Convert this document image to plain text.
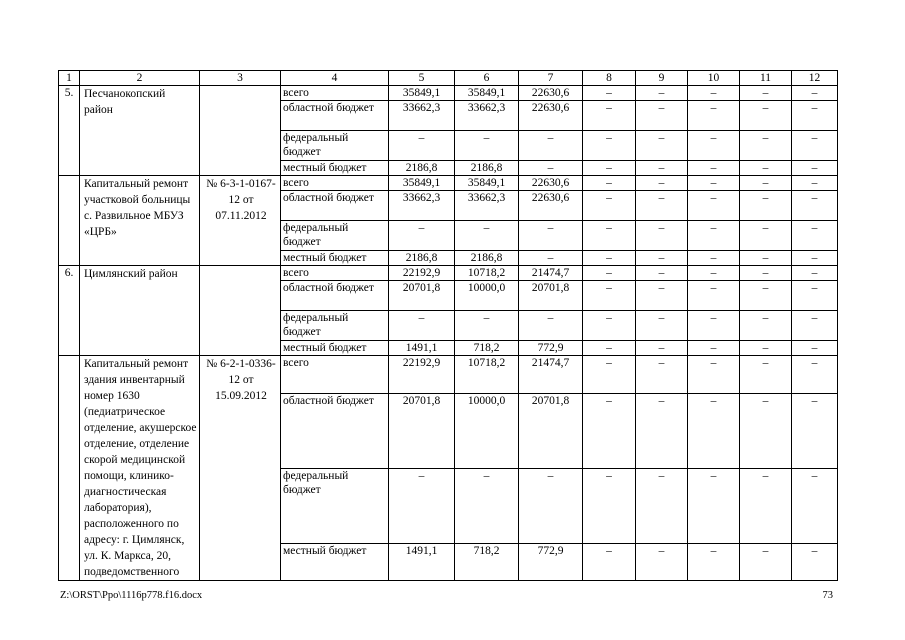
1	2	3	4	5	6	7	8	9	10	11	12
5.	Песчанокопский район		всего	35849,1	35849,1	22630,6	–	–	–	–	–
			областной бюджет	33662,3	33662,3	22630,6	–	–	–	–	–
			федеральный бюджет	–	–	–	–	–	–	–	–
			местный бюджет	2186,8	2186,8	–	–	–	–	–	–
	Капитальный ремонт участковой больницы с. Развильное МБУЗ «ЦРБ»	№ 6-3-1-0167-12 от 07.11.2012	всего	35849,1	35849,1	22630,6	–	–	–	–	–
			областной бюджет	33662,3	33662,3	22630,6	–	–	–	–	–
			федеральный бюджет	–	–	–	–	–	–	–	–
			местный бюджет	2186,8	2186,8	–	–	–	–	–	–
6.	Цимлянский район		всего	22192,9	10718,2	21474,7	–	–	–	–	–
			областной бюджет	20701,8	10000,0	20701,8	–	–	–	–	–
			федеральный бюджет	–	–	–	–	–	–	–	–
			местный бюджет	1491,1	718,2	772,9	–	–	–	–	–
	Капитальный ремонт здания инвентарный номер 1630 (педиатрическое отделение, акушерское отделение, отделение скорой медицинской помощи, клинико-диагностическая лаборатория), расположенного по адресу: г. Цимлянск, ул. К. Маркса, 20, подведомственного	№ 6-2-1-0336-12 от 15.09.2012	всего	22192,9	10718,2	21474,7	–	–	–	–	–
			областной бюджет	20701,8	10000,0	20701,8	–	–	–	–	–
			федеральный бюджет	–	–	–	–	–	–	–	–
			местный бюджет	1491,1	718,2	772,9	–	–	–	–	–
Z:\ORST\Ppo\1116p778.f16.docx	73
